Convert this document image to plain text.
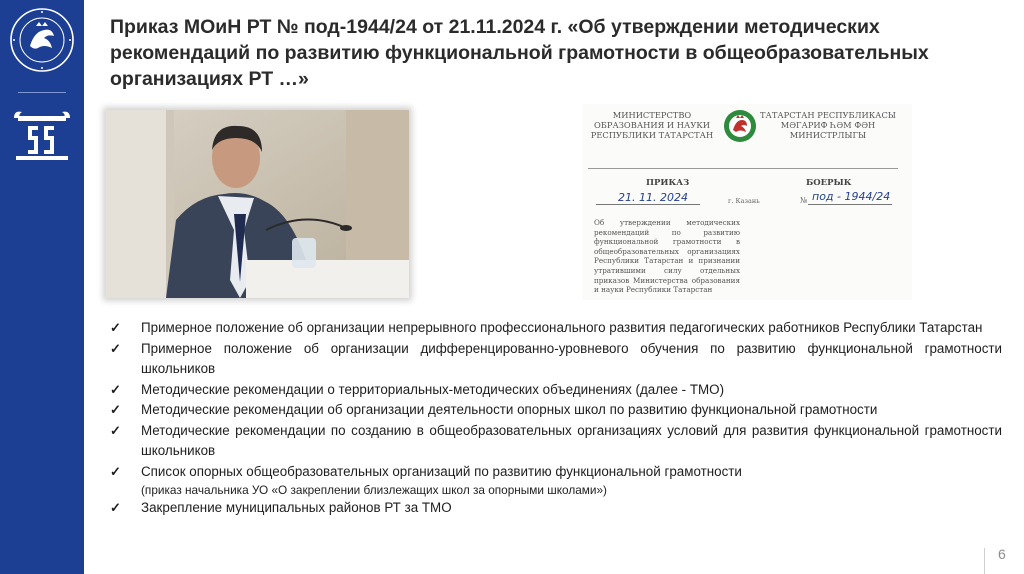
Приказ МОиН РТ № под-1944/24 от 21.11.2024 г. «Об утверждении методических рекомендаций по развитию функциональной грамотности в общеобразовательных организациях РТ …»
МИНИСТЕРСТВО
ОБРАЗОВАНИЯ И НАУКИ
РЕСПУБЛИКИ ТАТАРСТАН
ТАТАРСТАН РЕСПУБЛИКАСЫ
МӘГАРИФ ҺӘМ ФӘН
МИНИСТРЛЫГЫ
ПРИКАЗ	БОЕРЫК
21. 11. 2024	г. Казань	№ под - 1944/24

Об утверждении методических рекомендаций по развитию функциональной грамотности в общеобразовательных организациях Республики Татарстан и признании утратившими силу отдельных приказов Министерства образования и науки Республики Татарстан

✓ Примерное положение об организации непрерывного профессионального развития педагогических работников Республики Татарстан
✓ Примерное положение об организации дифференцированно-уровневого обучения по развитию функциональной грамотности школьников
✓ Методические рекомендации о территориальных-методических объединениях (далее - ТМО)
✓ Методические рекомендации об организации деятельности опорных школ по развитию функциональной грамотности
✓ Методические рекомендации по созданию в общеобразовательных организациях условий для развития функциональной грамотности школьников
✓ Список опорных общеобразовательных организаций по развитию функциональной грамотности
(приказ начальника УО «О закреплении близлежащих школ за опорными школами»)
✓ Закрепление муниципальных районов РТ за ТМО
6
